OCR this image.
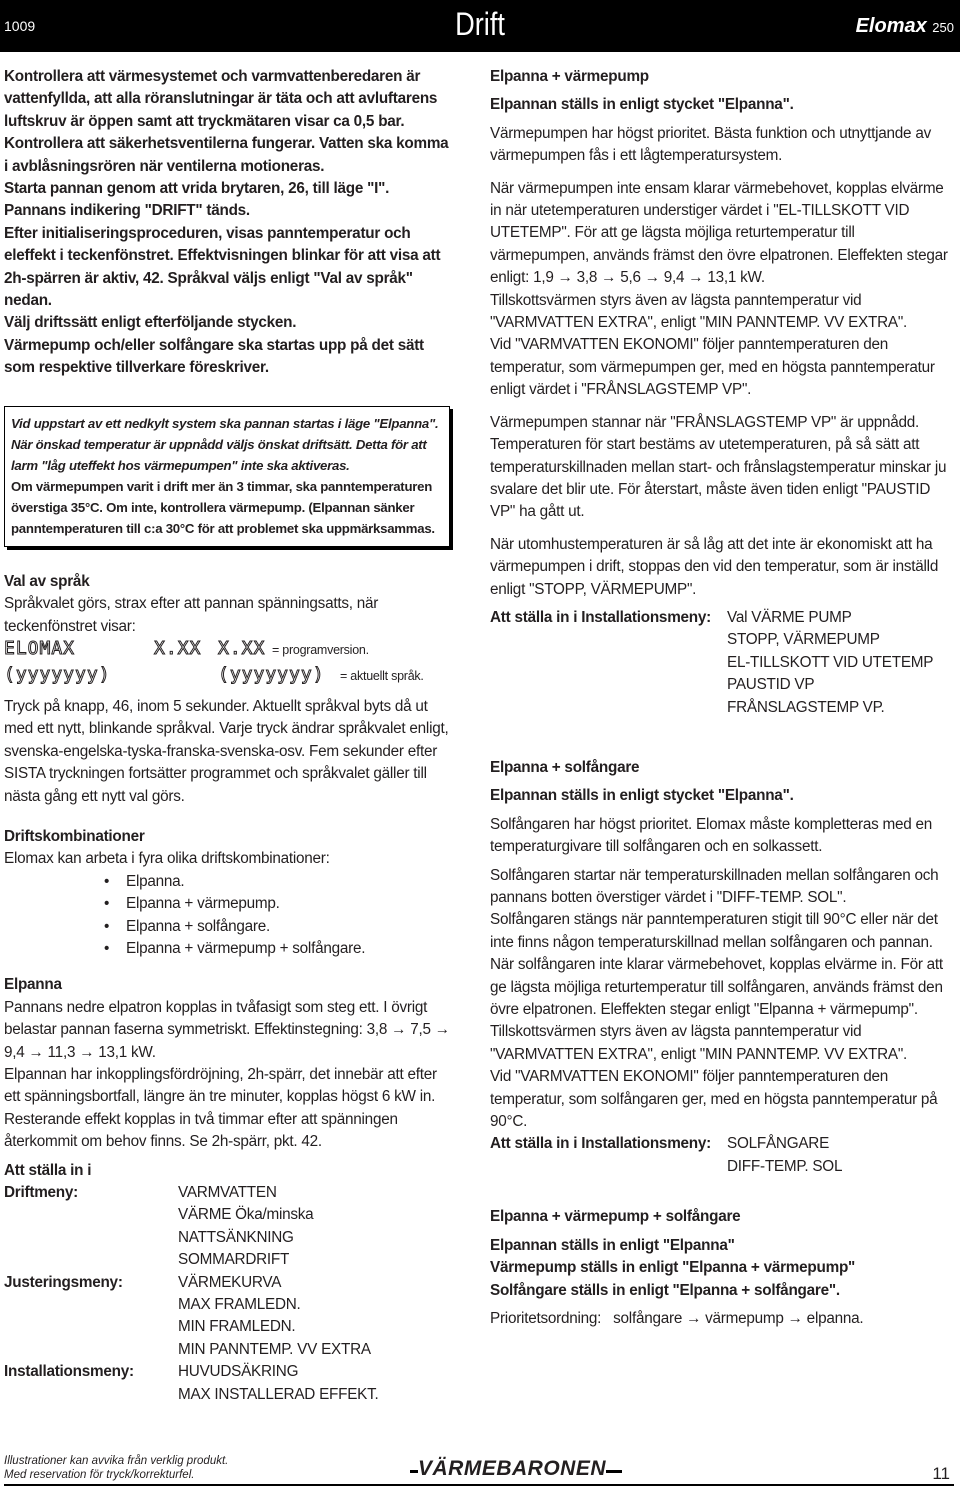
1009	Drift	Elomax 250

Kontrollera att värmesystemet och varmvattenberedaren är vattenfyllda, att alla röranslutningar är täta och att avluftarens luftskruv är öppen samt att tryckmätaren visar ca 0,5 bar.

Kontrollera att säkerhetsventilerna fungerar. Vatten ska komma i avblåsningsrören när ventilerna motioneras.

Starta pannan genom att vrida brytaren, 26, till läge "I".

Pannans indikering "DRIFT" tänds.

Efter initialiseringsproceduren, visas panntemperatur och eleffekt i teckenfönstret. Effektvisningen blinkar för att visa att 2h-spärren är aktiv, 42. Språkval väljs enligt "Val av språk" nedan.

Välj driftssätt enligt efterföljande stycken.

Värmepump och/eller solfångare ska startas upp på det sätt som respektive tillverkare föreskriver.

Vid uppstart av ett nedkylt system ska pannan startas i läge "Elpanna". När önskad temperatur är uppnådd väljs önskat driftsätt. Detta för att larm "låg uteffekt hos värmepumpen" inte ska aktiveras.

Om värmepumpen varit i drift mer än 3 timmar, ska panntemperaturen överstiga 35°C. Om inte, kontrollera värmepump. (Elpannan sänker panntemperaturen till c:a 30°C för att problemet ska uppmärksammas.

Val av språk

Språkvalet görs, strax efter att pannan spänningsatts, när teckenfönstret visar:

ELOMAX	X.XX X.XX = programversion.
(yyyyyyy)	(yyyyyyy)	= aktuellt språk.

Tryck på knapp, 46, inom 5 sekunder. Aktuellt språkval byts då ut med ett nytt, blinkande språkval. Varje tryck ändrar språkvalet enligt, svenska-engelska-tyska-franska-svenska-osv. Fem sekunder efter SISTA tryckningen fortsätter programmet och språkvalet gäller till nästa gång ett nytt val görs.

Driftskombinationer

Elomax kan arbeta i fyra olika driftskombinationer:

• Elpanna.
• Elpanna + värmepump.
• Elpanna + solfångare.
• Elpanna + värmepump + solfångare.

Elpanna

Pannans nedre elpatron kopplas in tvåfasigt som steg ett. I övrigt belastar pannan faserna symmetriskt. Effektinstegning: 3,8 → 7,5 → 9,4 → 11,3 → 13,1 kW.

Elpannan har inkopplingsfördröjning, 2h-spärr, det innebär att efter ett spänningsbortfall, längre än tre minuter, kopplas högst 6 kW in. Resterande effekt kopplas in två timmar efter att spänningen återkommit om behov finns. Se 2h-spärr, pkt. 42.

Att ställa in i

Driftmeny:	VARMVATTEN

VÄRME Öka/minska

NATTSÄNKNING

SOMMARDRIFT

Justeringsmeny:	VÄRMEKURVA

MAX FRAMLEDN.

MIN FRAMLEDN.

MIN PANNTEMP. VV EXTRA

Installationsmeny:	HUVUDSÄKRING

MAX INSTALLERAD EFFEKT.

Elpanna + värmepump

Elpannan ställs in enligt stycket "Elpanna".

Värmepumpen har högst prioritet. Bästa funktion och utnyttjande av värmepumpen fås i ett lågtemperatursystem.

När värmepumpen inte ensam klarar värmebehovet, kopplas elvärme in när utetemperaturen understiger värdet i "EL-TILLSKOTT VID UTETEMP". För att ge lägsta möjliga returtemperatur till värmepumpen, används främst den övre elpatronen. Eleffekten stegar enligt: 1,9 → 3,8 → 5,6 → 9,4 → 13,1 kW.

Tillskottsvärmen styrs även av lägsta panntemperatur vid "VARMVATTEN EXTRA", enligt "MIN PANNTEMP. VV EXTRA".

Vid "VARMVATTEN EKONOMI" följer panntemperaturen den temperatur, som värmepumpen ger, med en högsta panntemperatur enligt värdet i "FRÅNSLAGSTEMP VP".

Värmepumpen stannar när "FRÅNSLAGSTEMP VP" är uppnådd. Temperaturen för start bestäms av utetemperaturen, på så sätt att temperaturskillnaden mellan start- och frånslagstemperatur minskar ju svalare det blir ute. För återstart, måste även tiden enligt "PAUSTID VP" ha gått ut.

När utomhustemperaturen är så låg att det inte är ekonomiskt att ha värmepumpen i drift, stoppas den vid den temperatur, som är inställd enligt "STOPP, VÄRMEPUMP".

Att ställa in i Installationsmeny:	Val VÄRME PUMP

STOPP, VÄRMEPUMP

EL-TILLSKOTT VID UTETEMP

PAUSTID VP

FRÅNSLAGSTEMP VP.

Elpanna + solfångare

Elpannan ställs in enligt stycket "Elpanna".

Solfångaren har högst prioritet. Elomax måste kompletteras med en temperaturgivare till solfångaren och en solkassett.

Solfångaren startar när temperaturskillnaden mellan solfångaren och pannans botten överstiger värdet i "DIFF-TEMP. SOL".

Solfångaren stängs när panntemperaturen stigit till 90°C eller när det inte finns någon temperaturskillnad mellan solfångaren och pannan.

När solfångaren inte klarar värmebehovet, kopplas elvärme in. För att ge lägsta möjliga returtemperatur till solfångaren, används främst den övre elpatronen. Eleffekten stegar enligt "Elpanna + värmepump".

Tillskottsvärmen styrs även av lägsta panntemperatur vid "VARMVATTEN EXTRA", enligt "MIN PANNTEMP. VV EXTRA".

Vid "VARMVATTEN EKONOMI" följer panntemperaturen den temperatur, som solfångaren ger, med en högsta panntemperatur på 90°C.

Att ställa in i Installationsmeny:	SOLFÅNGARE

DIFF-TEMP. SOL

Elpanna + värmepump + solfångare

Elpannan ställs in enligt "Elpanna"

Värmepump ställs in enligt "Elpanna + värmepump"

Solfångare ställs in enligt "Elpanna + solfångare".

Prioritetsordning: solfångare → värmepump → elpanna.

Illustrationer kan avvika från verklig produkt.

Med reservation för tryck/korrekturfel.	VÄRMEBARONEN	11
